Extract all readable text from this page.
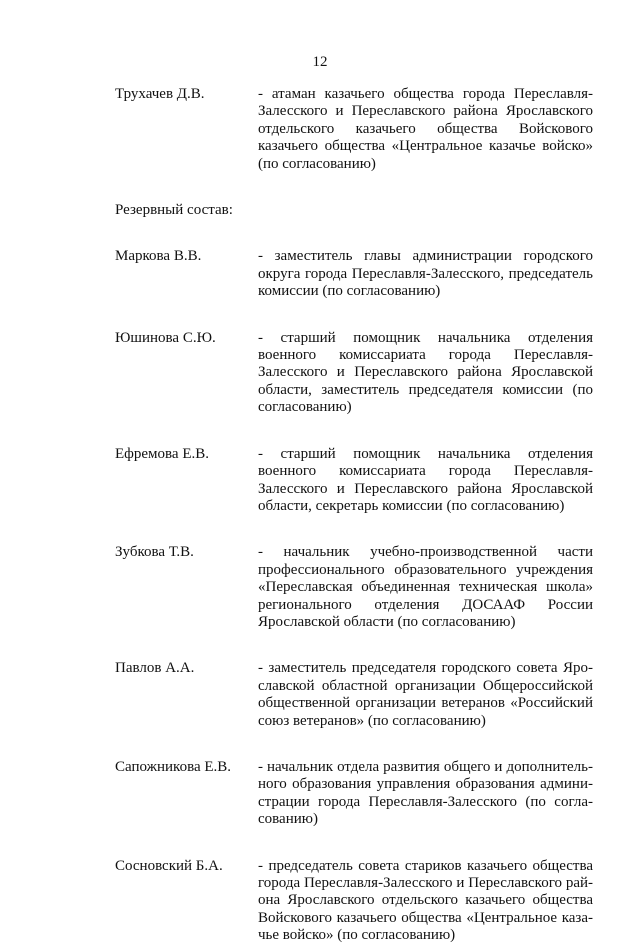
12
Трухачев Д.В.	- атаман казачьего общества города Переславля-Залесского и Переславского района Ярославского отдельского казачьего общества Войскового казачьего общества «Центральное казачье войско» (по согласованию)
Резервный состав:
Маркова В.В.	- заместитель главы администрации городского округа города Переславля-Залесского, председатель комиссии (по согласованию)
Юшинова С.Ю.	- старший помощник начальника отделения военного комиссариата города Переславля-Залесского и Переславского района Ярославской области, заместитель председателя комиссии (по согласованию)
Ефремова Е.В.	- старший помощник начальника отделения военного комиссариата города Переславля-Залесского и Переславского района Ярославской области, секретарь комиссии (по согласованию)
Зубкова Т.В.	- начальник учебно-производственной части профессионального образовательного учреждения «Переславская объединенная техническая школа» регионального отделения ДОСААФ России Ярославской области (по согласованию)
Павлов А.А.	- заместитель председателя городского совета Ярославской областной организации Общероссийской общественной организации ветеранов «Российский союз ветеранов» (по согласованию)
Сапожникова Е.В.	- начальник отдела развития общего и дополнительного образования управления образования администрации города Переславля-Залесского (по согласованию)
Сосновский Б.А.	- председатель совета стариков казачьего общества города Переславля-Залесского и Переславского района Ярославского отдельского казачьего общества Войскового казачьего общества «Центральное казачье войско» (по согласованию)
